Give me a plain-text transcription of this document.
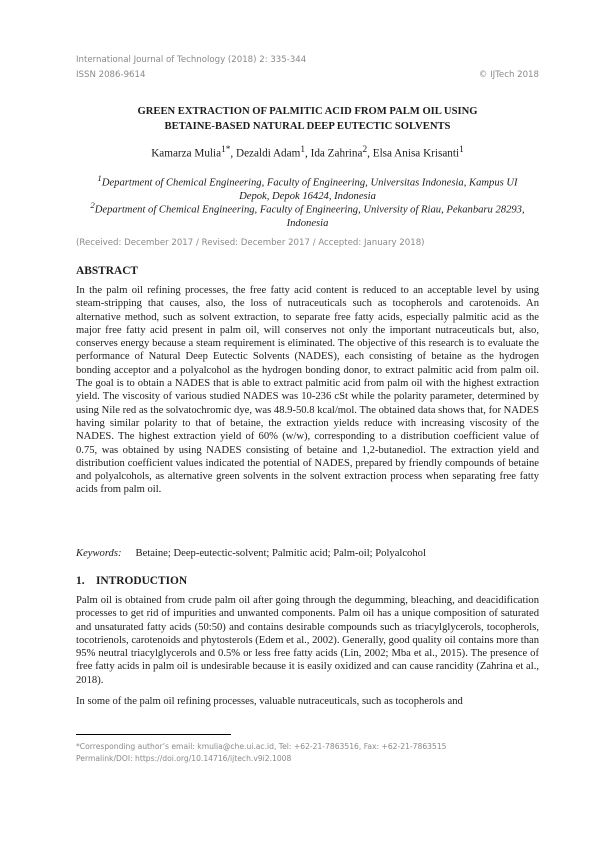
International Journal of Technology (2018) 2: 335-344
ISSN 2086-9614	© IJTech 2018
GREEN EXTRACTION OF PALMITIC ACID FROM PALM OIL USING
BETAINE-BASED NATURAL DEEP EUTECTIC SOLVENTS
Kamarza Mulia$^{1*}$, Dezaldi Adam$^1$, Ida Zahrina$^2$, Elsa Anisa Krisanti$^1$
$^1$Department of Chemical Engineering, Faculty of Engineering, Universitas Indonesia, Kampus UI
Depok, Depok 16424, Indonesia
$^2$Department of Chemical Engineering, Faculty of Engineering, University of Riau, Pekanbaru 28293,
Indonesia
(Received: December 2017 / Revised: December 2017 / Accepted: January 2018)
ABSTRACT
In the palm oil refining processes, the free fatty acid content is reduced to an acceptable level by using steam-stripping that causes, also, the loss of nutraceuticals such as tocopherols and carotenoids. An alternative method, such as solvent extraction, to separate free fatty acids, especially palmitic acid as the major free fatty acid present in palm oil, will conserves not only the important nutraceuticals but, also, conserves energy because a steam requirement is eliminated. The objective of this research is to evaluate the performance of Natural Deep Eutectic Solvents (NADES), each consisting of betaine as the hydrogen bonding acceptor and a polyalcohol as the hydrogen bonding donor, to extract palmitic acid from palm oil. The goal is to obtain a NADES that is able to extract palmitic acid from palm oil with the highest extraction yield. The viscosity of various studied NADES was 10-236 cSt while the polarity parameter, determined by using Nile red as the solvatochromic dye, was 48.9-50.8 kcal/mol. The obtained data shows that, for NADES having similar polarity to that of betaine, the extraction yields reduce with increasing viscosity of the NADES. The highest extraction yield of 60% (w/w), corresponding to a distribution coefficient value of 0.75, was obtained by using NADES consisting of betaine and 1,2-butanediol. The extraction yield and distribution coefficient values indicated the potential of NADES, prepared by friendly compounds of betaine and polyalcohols, as alternative green solvents in the solvent extraction process when separating free fatty acids from palm oil.
Keywords: Betaine; Deep-eutectic-solvent; Palmitic acid; Palm-oil; Polyalcohol
1. INTRODUCTION
Palm oil is obtained from crude palm oil after going through the degumming, bleaching, and deacidification processes to get rid of impurities and unwanted components. Palm oil has a unique composition of saturated and unsaturated fatty acids (50:50) and contains desirable compounds such as triacylglycerols, tocopherols, tocotrienols, carotenoids and phytosterols (Edem et al., 2002). Generally, good quality oil contains more than 95% neutral triacylglycerols and 0.5% or less free fatty acids (Lin, 2002; Mba et al., 2015). The presence of free fatty acids in palm oil is undesirable because it is easily oxidized and can cause rancidity (Zahrina et al., 2018).
In some of the palm oil refining processes, valuable nutraceuticals, such as tocopherols and
*Corresponding author’s email: kmulia@che.ui.ac.id, Tel: +62-21-7863516, Fax: +62-21-7863515
Permalink/DOI: https://doi.org/10.14716/ijtech.v9i2.1008
